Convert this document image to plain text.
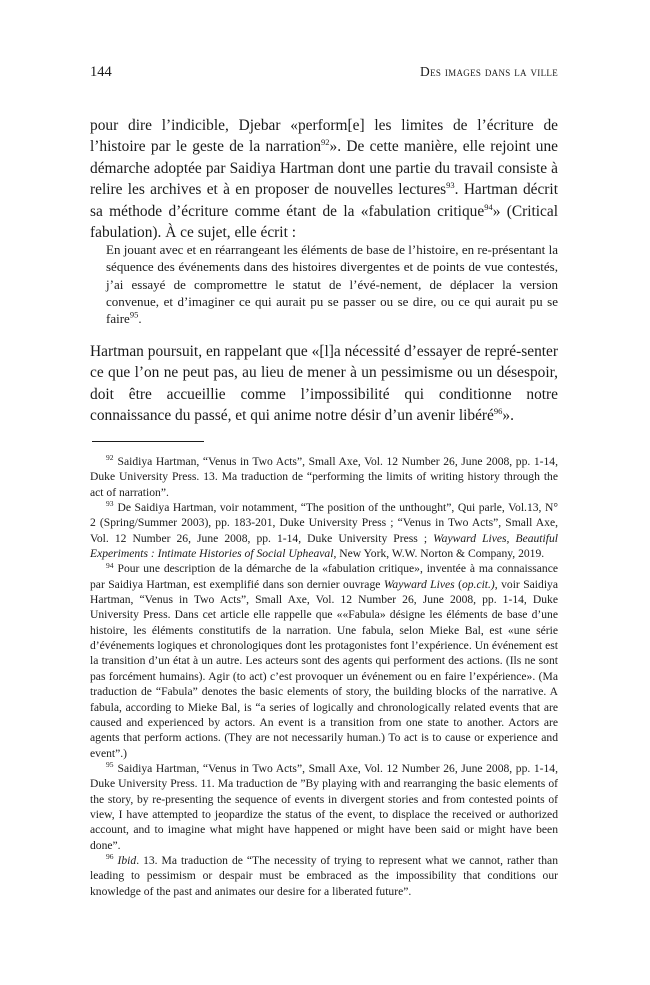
144	Des images dans la ville

pour dire l’indicible, Djebar «perform[e] les limites de l’écriture de l’histoire par le geste de la narration$^{92}$». De cette manière, elle rejoint une démarche adoptée par Saidiya Hartman dont une partie du travail consiste à relire les archives et à en proposer de nouvelles lectures$^{93}$. Hartman décrit sa méthode d’écriture comme étant de la «fabulation critique$^{94}$» (Critical fabulation). À ce sujet, elle écrit :

En jouant avec et en réarrangeant les éléments de base de l’histoire, en re-présentant la séquence des événements dans des histoires divergentes et de points de vue contestés, j’ai essayé de compromettre le statut de l’évé-nement, de déplacer la version convenue, et d’imaginer ce qui aurait pu se passer ou se dire, ou ce qui aurait pu se faire$^{95}$.
Hartman poursuit, en rappelant que «[l]a nécessité d’essayer de repré-senter ce que l’on ne peut pas, au lieu de mener à un pessimisme ou un désespoir, doit être accueillie comme l’impossibilité qui conditionne notre connaissance du passé, et qui anime notre désir d’un avenir libéré$^{96}$».

$^{92}$ Saidiya Hartman, “Venus in Two Acts”, Small Axe, Vol. 12 Number 26, June 2008, pp. 1-14, Duke University Press. 13. Ma traduction de “performing the limits of writing history through the act of narration”.

$^{93}$ De Saidiya Hartman, voir notamment, “The position of the unthought”, Qui parle, Vol.13, N° 2 (Spring/Summer 2003), pp. 183-201, Duke University Press ; “Venus in Two Acts”, Small Axe, Vol. 12 Number 26, June 2008, pp. 1-14, Duke University Press ; Wayward Lives, Beautiful Experiments : Intimate Histories of Social Upheaval, New York, W.W. Norton & Company, 2019.

$^{94}$ Pour une description de la démarche de la «fabulation critique», inventée à ma connaissance par Saidiya Hartman, est exemplifié dans son dernier ouvrage Wayward Lives (op.cit.), voir Saidiya Hartman, “Venus in Two Acts”, Small Axe, Vol. 12 Number 26, June 2008, pp. 1-14, Duke University Press. Dans cet article elle rappelle que ««Fabula» désigne les éléments de base d’une histoire, les éléments constitutifs de la narration. Une fabula, selon Mieke Bal, est «une série d’événements logiques et chronologiques dont les protagonistes font l’expérience. Un événement est la transition d’un état à un autre. Les acteurs sont des agents qui performent des actions. (Ils ne sont pas forcément humains). Agir (to act) c’est provoquer un événement ou en faire l’expérience». (Ma traduction de “Fabula” denotes the basic elements of story, the building blocks of the narrative. A fabula, according to Mieke Bal, is “a series of logically and chronologically related events that are caused and experienced by actors. An event is a transition from one state to another. Actors are agents that perform actions. (They are not necessarily human.) To act is to cause or experience and event”.)

$^{95}$ Saidiya Hartman, “Venus in Two Acts”, Small Axe, Vol. 12 Number 26, June 2008, pp. 1-14, Duke University Press. 11. Ma traduction de ”By playing with and rearranging the basic elements of the story, by re-presenting the sequence of events in divergent stories and from contested points of view, I have attempted to jeopardize the status of the event, to displace the received or authorized account, and to imagine what might have happened or might have been said or might have been done”.

$^{96}$ Ibid. 13. Ma traduction de “The necessity of trying to represent what we cannot, rather than leading to pessimism or despair must be embraced as the impossibility that conditions our knowledge of the past and animates our desire for a liberated future”.
